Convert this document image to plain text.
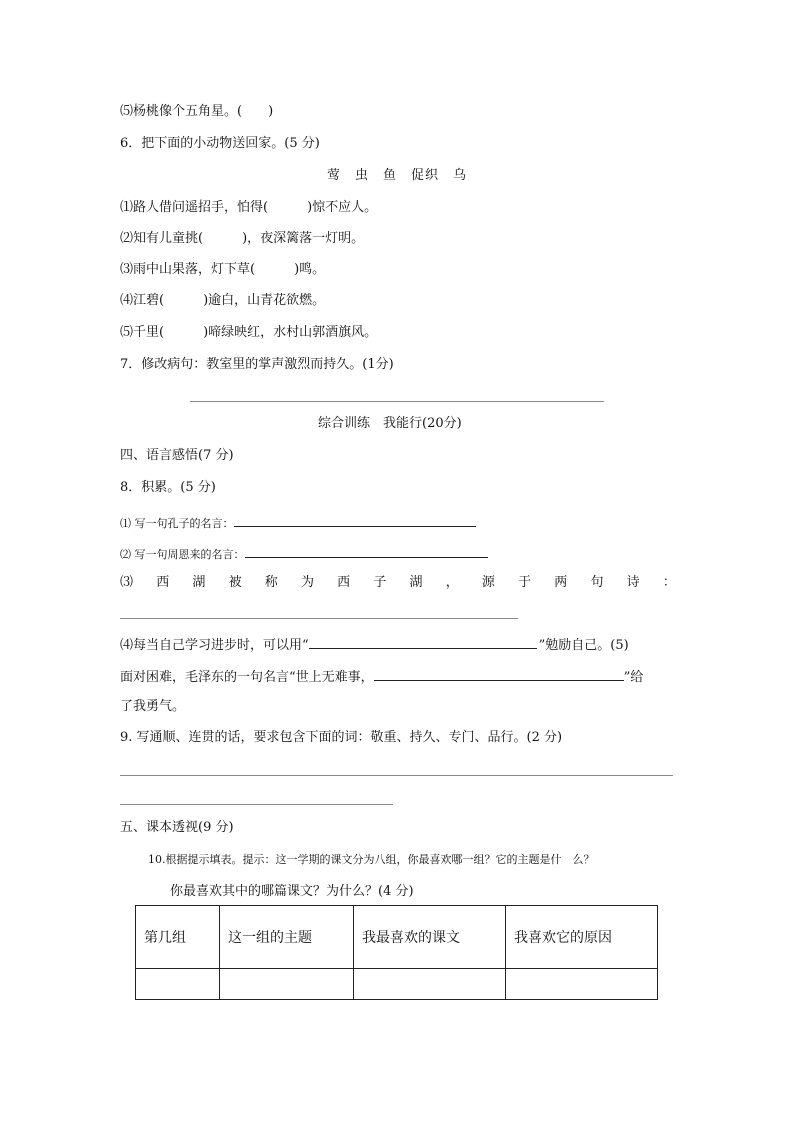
⑸杨桃像个五角星。(  )
6．把下面的小动物送回家。(5 分)
莺 虫 鱼 促织 乌
⑴路人借问遥招手，怕得(   )惊不应人。
⑵知有儿童挑(   )，夜深篱落一灯明。
⑶雨中山果落，灯下草(   )鸣。
⑷江碧(   )逾白，山青花欲燃。
⑸千里(   )啼绿映红，水村山郭酒旗风。
7．修改病句：教室里的掌声激烈而持久。(1分)
综合训练 我能行(20分)
四、语言感悟(7 分)
8．积累。(5 分)
⑴ 写一句孔子的名言：
⑵ 写一句周恩来的名言：
⑶ 西 湖 被 称 为 西 子 湖 ， 源 于 两 句 诗 ：
⑷每当自己学习进步时，可以用“	”勉励自己。(5)
面对困难，毛泽东的一句名言“世上无难事，	”给
了我勇气。
9. 写通顺、连贯的话，要求包含下面的词：敬重、持久、专门、品行。(2 分)
五、课本透视(9 分)
10.根据提示填表。提示：这一学期的课文分为八组，你最喜欢哪一组？它的主题是什 么？
你最喜欢其中的哪篇课文？为什么？(4 分)
第几组	这一组的主题	我最喜欢的课文	我喜欢它的原因
